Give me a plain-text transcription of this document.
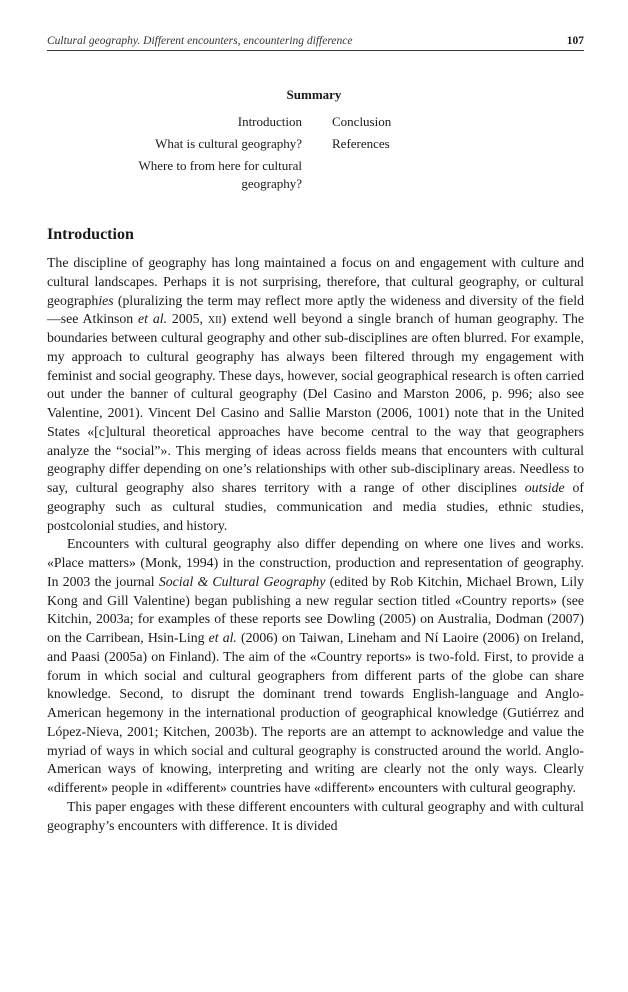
Cultural geography. Different encounters, encountering difference	107
Summary
Introduction
What is cultural geography?
Where to from here for cultural geography?
Conclusion
References
Introduction

The discipline of geography has long maintained a focus on and engagement with culture and cultural landscapes. Perhaps it is not surprising, therefore, that cultural geography, or cultural geographies (pluralizing the term may reflect more aptly the wideness and diversity of the field —see Atkinson et al. 2005, xii) extend well beyond a single branch of human geography. The boundaries between cultural geography and other sub-disciplines are often blurred. For example, my approach to cultural geography has always been filtered through my engagement with feminist and social geography. These days, however, social geographical research is often carried out under the banner of cultural geography (Del Casino and Marston 2006, p. 996; also see Valentine, 2001). Vincent Del Casino and Sallie Marston (2006, 1001) note that in the United States «[c]ultural theoretical approaches have become central to the way that geographers analyze the “social”». This merging of ideas across fields means that encounters with cultural geography differ depending on one’s relationships with other sub-disciplinary areas. Needless to say, cultural geography also shares territory with a range of other disciplines outside of geography such as cultural studies, communication and media studies, ethnic studies, postcolonial studies, and history.

Encounters with cultural geography also differ depending on where one lives and works. «Place matters» (Monk, 1994) in the construction, production and representation of geography. In 2003 the journal Social & Cultural Geography (edited by Rob Kitchin, Michael Brown, Lily Kong and Gill Valentine) began publishing a new regular section titled «Country reports» (see Kitchin, 2003a; for examples of these reports see Dowling (2005) on Australia, Dodman (2007) on the Carribean, Hsin-Ling et al. (2006) on Taiwan, Lineham and Ní Laoire (2006) on Ireland, and Paasi (2005a) on Finland). The aim of the «Country reports» is two-fold. First, to provide a forum in which social and cultural geographers from different parts of the globe can share knowledge. Second, to disrupt the dominant trend towards English-language and Anglo-American hegemony in the international production of geographical knowledge (Gutiérrez and López-Nieva, 2001; Kitchen, 2003b). The reports are an attempt to acknowledge and value the myriad of ways in which social and cultural geography is constructed around the world. Anglo-American ways of knowing, interpreting and writing are clearly not the only ways. Clearly «different» people in «different» countries have «different» encounters with cultural geography.

This paper engages with these different encounters with cultural geography and with cultural geography’s encounters with difference. It is divided
